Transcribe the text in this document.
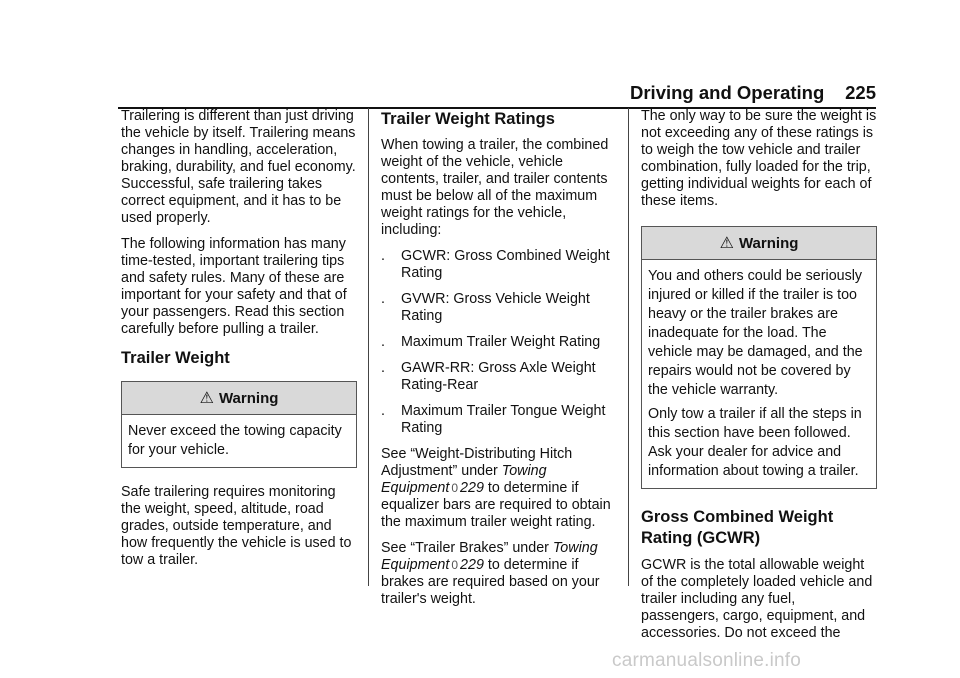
Driving and Operating 225

Trailering is different than just driving the vehicle by itself. Trailering means changes in handling, acceleration, braking, durability, and fuel economy. Successful, safe trailering takes correct equipment, and it has to be used properly.

The following information has many time-tested, important trailering tips and safety rules. Many of these are important for your safety and that of your passengers. Read this section carefully before pulling a trailer.

Trailer Weight
⚠ Warning

Never exceed the towing capacity for your vehicle.

Safe trailering requires monitoring the weight, speed, altitude, road grades, outside temperature, and how frequently the vehicle is used to tow a trailer.

Trailer Weight Ratings

When towing a trailer, the combined weight of the vehicle, vehicle contents, trailer, and trailer contents must be below all of the maximum weight ratings for the vehicle, including:

.	GCWR: Gross Combined Weight Rating
.	GVWR: Gross Vehicle Weight Rating
.	Maximum Trailer Weight Rating
.	GAWR-RR: Gross Axle Weight Rating-Rear
.	Maximum Trailer Tongue Weight Rating

See “Weight-Distributing Hitch Adjustment” under Towing Equipment 0 229 to determine if equalizer bars are required to obtain the maximum trailer weight rating.

See “Trailer Brakes” under Towing Equipment 0 229 to determine if brakes are required based on your trailer's weight.

The only way to be sure the weight is not exceeding any of these ratings is to weigh the tow vehicle and trailer combination, fully loaded for the trip, getting individual weights for each of these items.

⚠ Warning

You and others could be seriously injured or killed if the trailer is too heavy or the trailer brakes are inadequate for the load. The vehicle may be damaged, and the repairs would not be covered by the vehicle warranty.

Only tow a trailer if all the steps in this section have been followed. Ask your dealer for advice and information about towing a trailer.

Gross Combined Weight Rating (GCWR)

GCWR is the total allowable weight of the completely loaded vehicle and trailer including any fuel, passengers, cargo, equipment, and accessories. Do not exceed the

carmanualsonline.info
